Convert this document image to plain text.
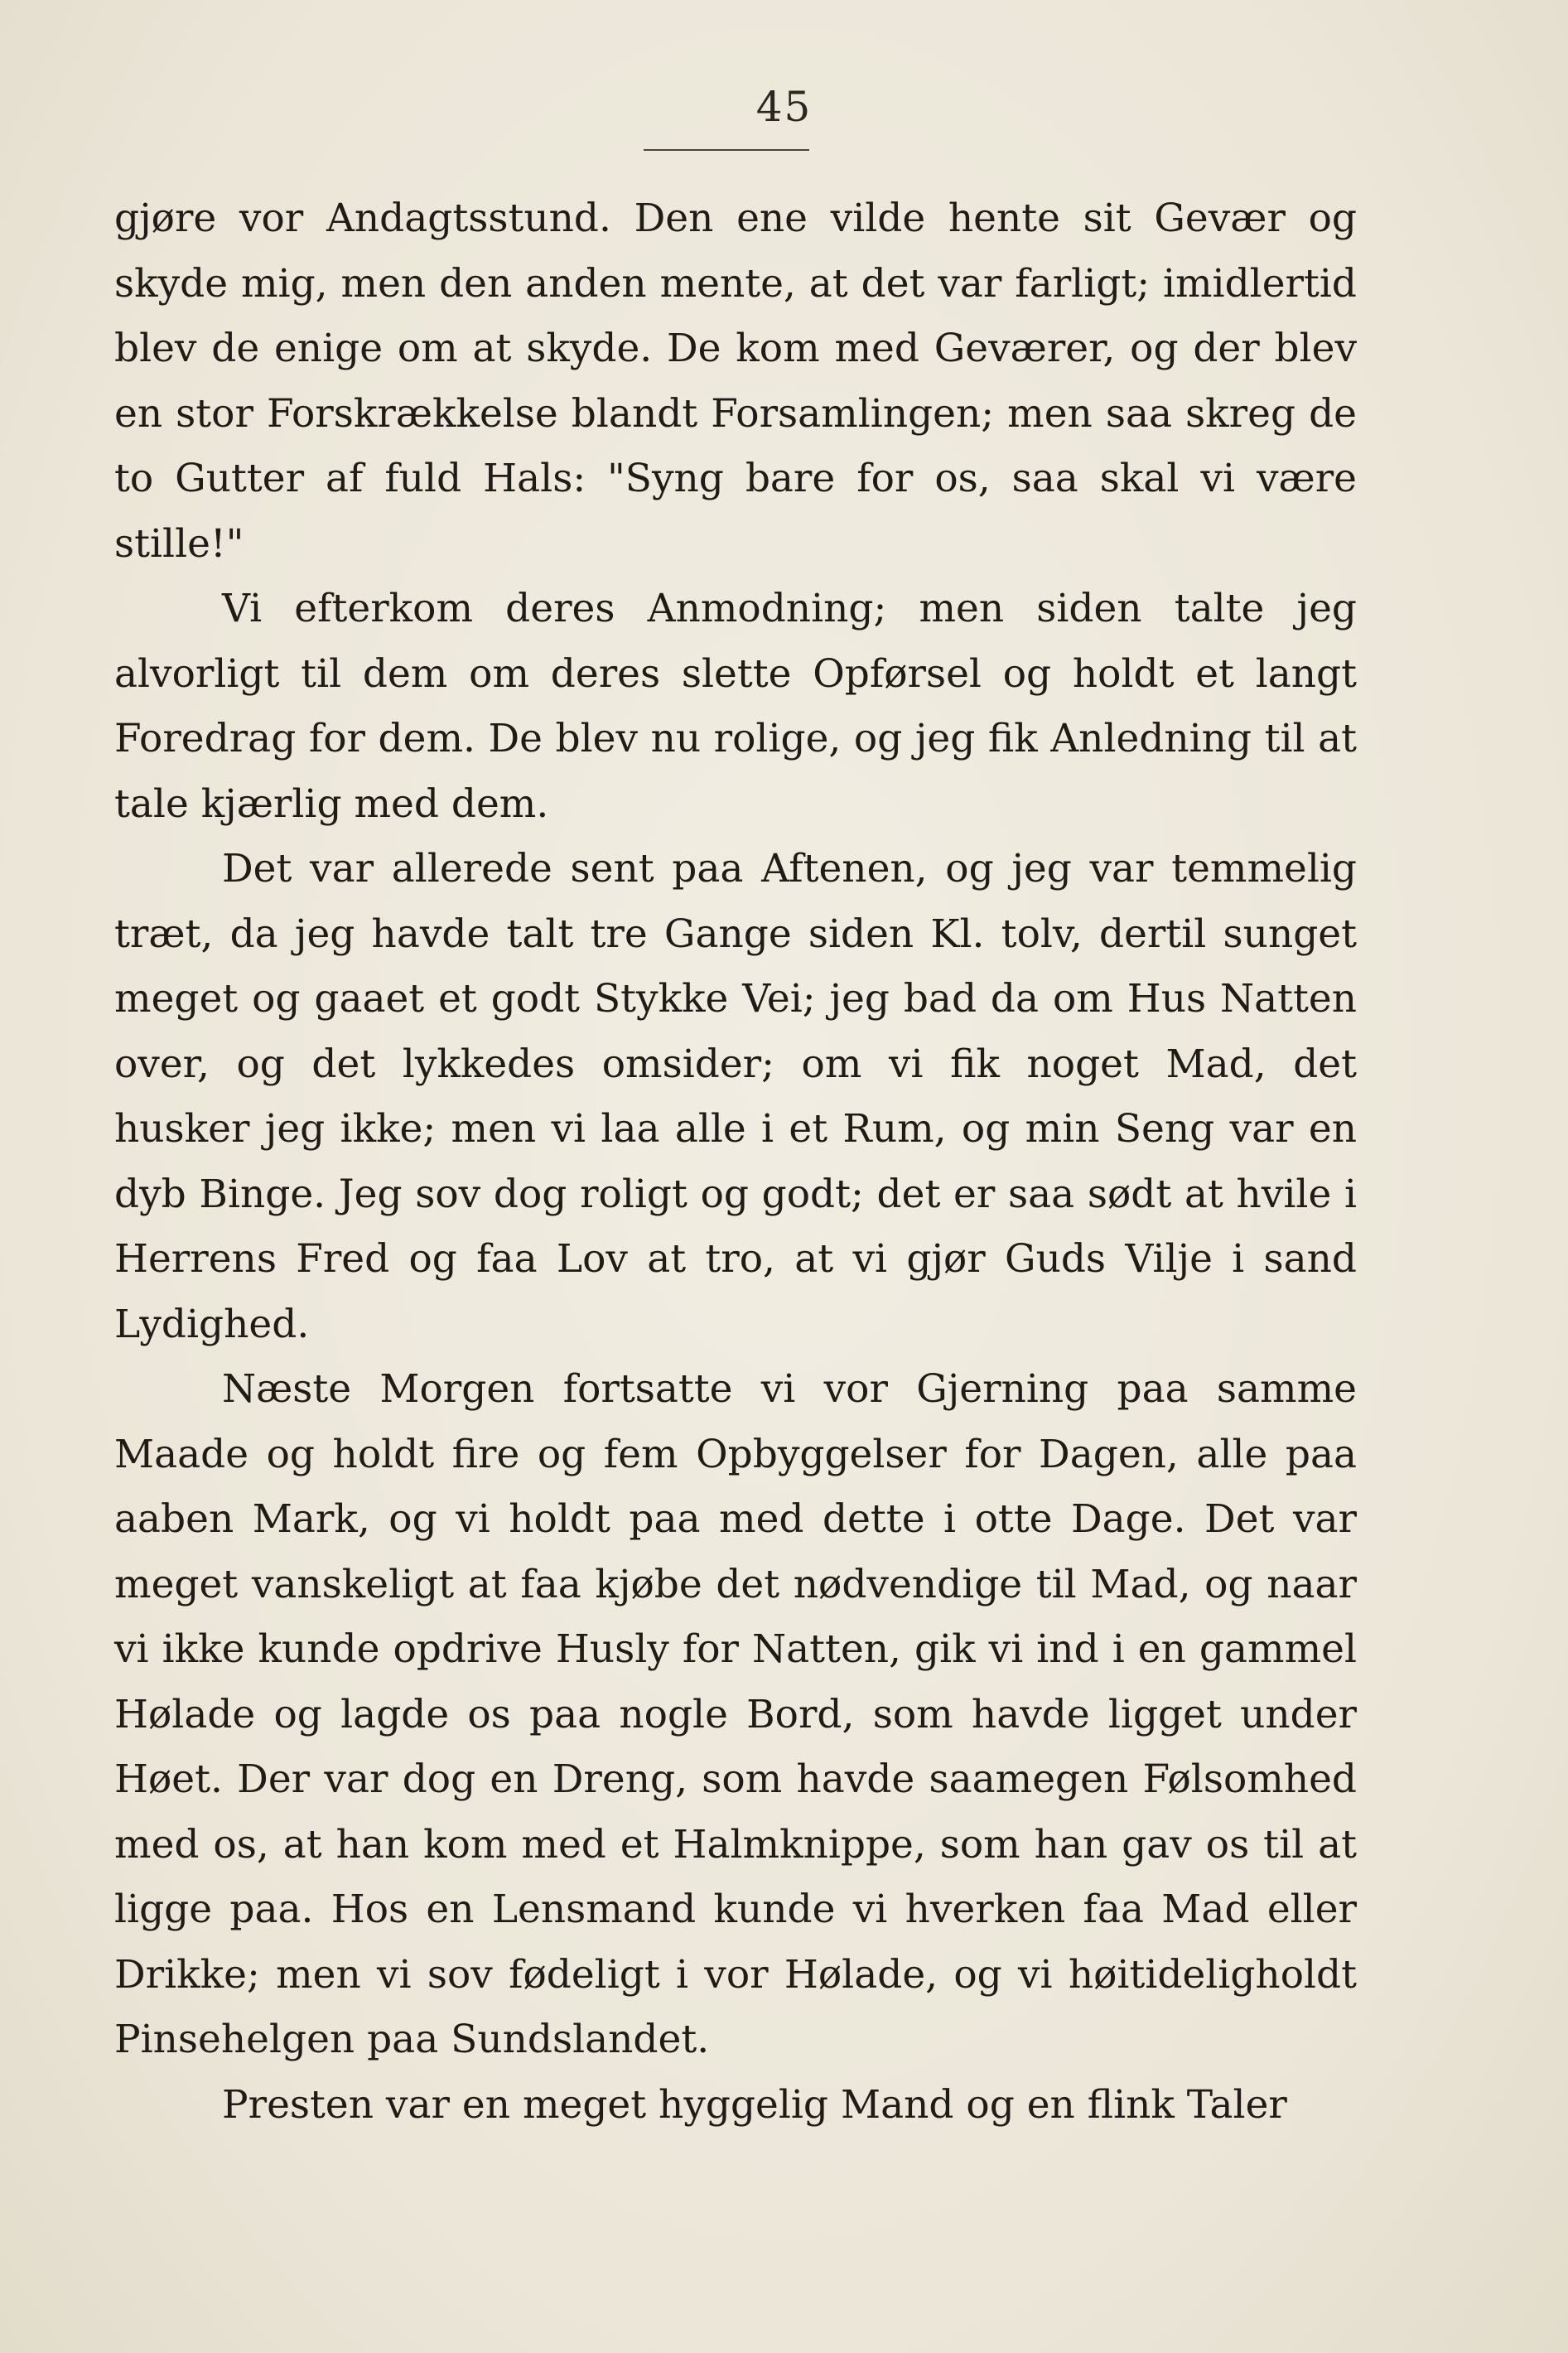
45

gjøre vor Andagtsstund. Den ene vilde hente sit Gevær og skyde mig, men den anden mente, at det var farligt; imidlertid blev de enige om at skyde. De kom med Geværer, og der blev en stor Forskrækkelse blandt Forsamlingen; men saa skreg de to Gutter af fuld Hals: "Syng bare for os, saa skal vi være stille!"

Vi efterkom deres Anmodning; men siden talte jeg alvorligt til dem om deres slette Opførsel og holdt et langt Foredrag for dem. De blev nu rolige, og jeg fik Anledning til at tale kjærlig med dem.

Det var allerede sent paa Aftenen, og jeg var temmelig træt, da jeg havde talt tre Gange siden Kl. tolv, dertil sunget meget og gaaet et godt Stykke Vei; jeg bad da om Hus Natten over, og det lykkedes omsider; om vi fik noget Mad, det husker jeg ikke; men vi laa alle i et Rum, og min Seng var en dyb Binge. Jeg sov dog roligt og godt; det er saa sødt at hvile i Herrens Fred og faa Lov at tro, at vi gjør Guds Vilje i sand Lydighed.

Næste Morgen fortsatte vi vor Gjerning paa samme Maade og holdt fire og fem Opbyggelser for Dagen, alle paa aaben Mark, og vi holdt paa med dette i otte Dage. Det var meget vanskeligt at faa kjøbe det nødvendige til Mad, og naar vi ikke kunde opdrive Husly for Natten, gik vi ind i en gammel Hølade og lagde os paa nogle Bord, som havde ligget under Høet. Der var dog en Dreng, som havde saamegen Følsomhed med os, at han kom med et Halmknippe, som han gav os til at ligge paa. Hos en Lensmand kunde vi hverken faa Mad eller Drikke; men vi sov fødeligt i vor Hølade, og vi høitideligholdt Pinsehelgen paa Sundslandet.

Presten var en meget hyggelig Mand og en flink Taler
